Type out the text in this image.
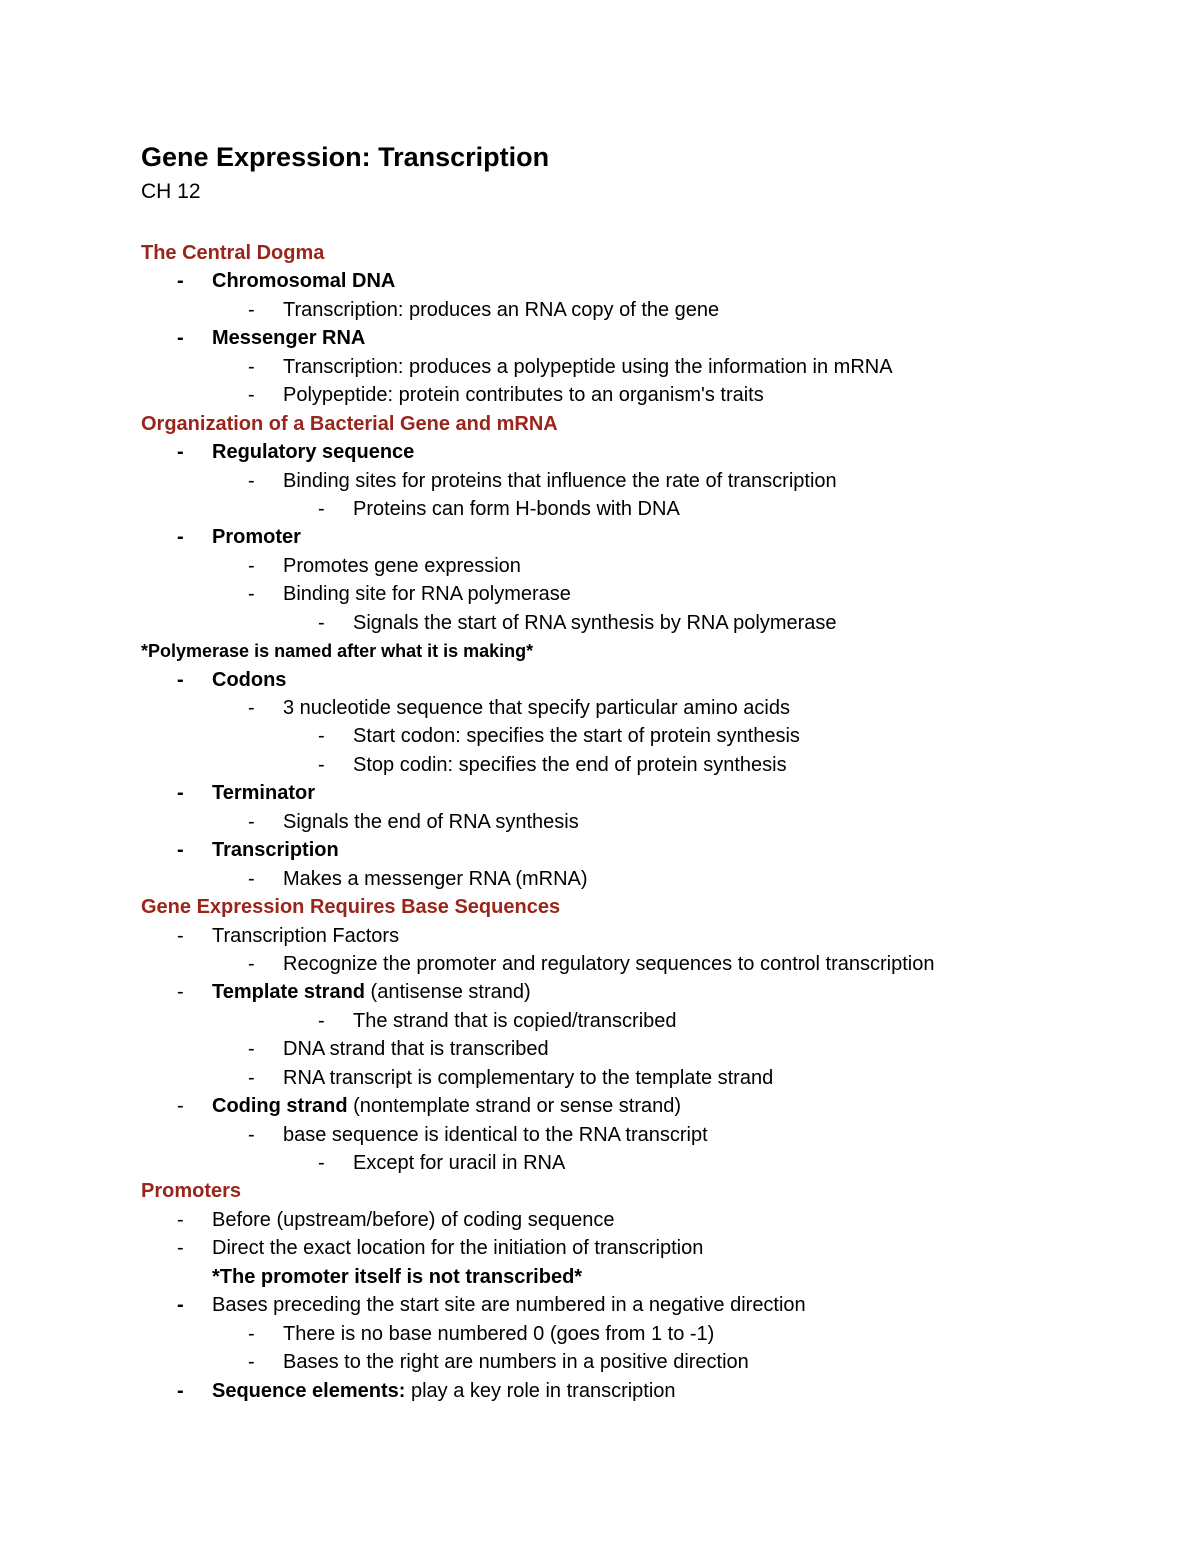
Gene Expression: Transcription
CH 12
The Central Dogma
-	Chromosomal DNA
-	Transcription: produces an RNA copy of the gene
-	Messenger RNA
-	Transcription: produces a polypeptide using the information in mRNA
-	Polypeptide: protein contributes to an organism's traits
Organization of a Bacterial Gene and mRNA
-	Regulatory sequence
-	Binding sites for proteins that influence the rate of transcription
-	Proteins can form H-bonds with DNA
-	Promoter
-	Promotes gene expression
-	Binding site for RNA polymerase
-	Signals the start of RNA synthesis by RNA polymerase
*Polymerase is named after what it is making*
-	Codons
-	3 nucleotide sequence that specify particular amino acids
-	Start codon: specifies the start of protein synthesis
-	Stop codin: specifies the end of protein synthesis
-	Terminator
-	Signals the end of RNA synthesis
-	Transcription
-	Makes a messenger RNA (mRNA)
Gene Expression Requires Base Sequences
-	Transcription Factors
-	Recognize the promoter and regulatory sequences to control transcription
-	Template strand (antisense strand)
-	The strand that is copied/transcribed
-	DNA strand that is transcribed
-	RNA transcript is complementary to the template strand
-	Coding strand (nontemplate strand or sense strand)
-	base sequence is identical to the RNA transcript
-	Except for uracil in RNA
Promoters
-	Before (upstream/before) of coding sequence
-	Direct the exact location for the initiation of transcription
*The promoter itself is not transcribed*
-	Bases preceding the start site are numbered in a negative direction
-	There is no base numbered 0 (goes from 1 to -1)
-	Bases to the right are numbers in a positive direction
-	Sequence elements: play a key role in transcription
